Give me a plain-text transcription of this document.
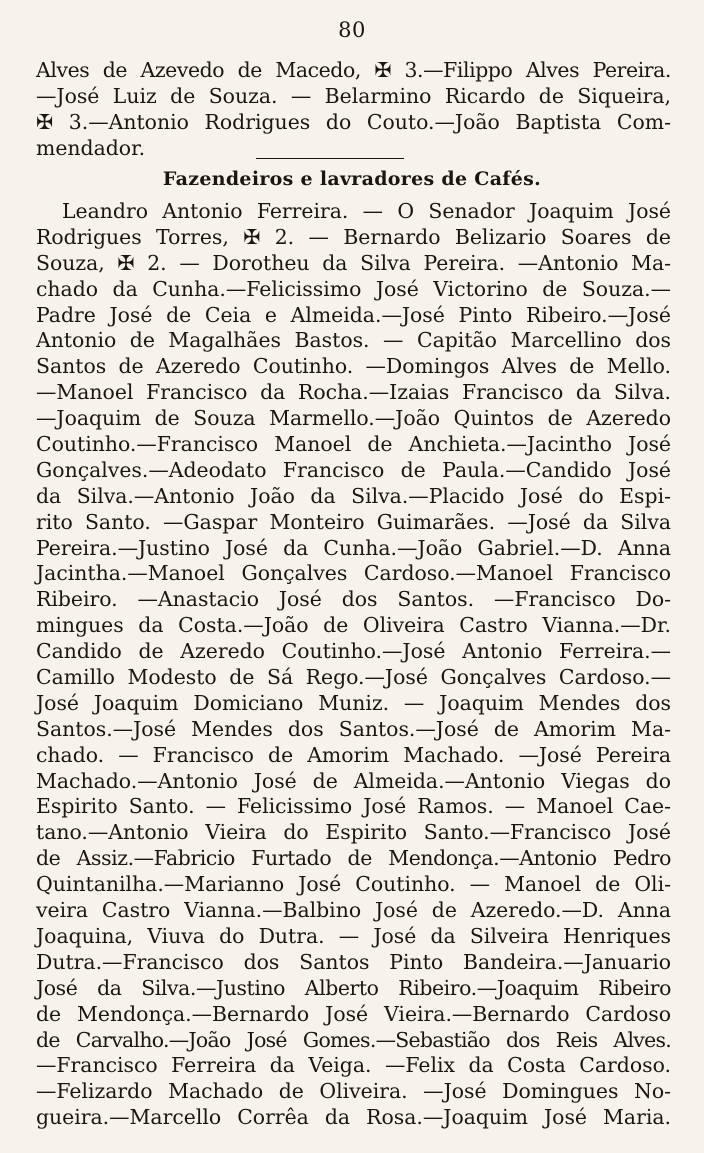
80
Alves de Azevedo de Macedo, ✠ 3.—Filippo Alves Pereira.
—José Luiz de Souza. — Belarmino Ricardo de Siqueira,
✠ 3.—Antonio Rodrigues do Couto.—João Baptista Com-
mendador.
Fazendeiros e lavradores de Cafés.
Leandro Antonio Ferreira. — O Senador Joaquim José
Rodrigues Torres, ✠ 2. — Bernardo Belizario Soares de
Souza, ✠ 2. — Dorotheu da Silva Pereira. —Antonio Ma-
chado da Cunha.—Felicissimo José Victorino de Souza.—
Padre José de Ceia e Almeida.—José Pinto Ribeiro.—José
Antonio de Magalhães Bastos. — Capitão Marcellino dos
Santos de Azeredo Coutinho. —Domingos Alves de Mello.
—Manoel Francisco da Rocha.—Izaias Francisco da Silva.
—Joaquim de Souza Marmello.—João Quintos de Azeredo
Coutinho.—Francisco Manoel de Anchieta.—Jacintho José
Gonçalves.—Adeodato Francisco de Paula.—Candido José
da Silva.—Antonio João da Silva.—Placido José do Espi-
rito Santo. —Gaspar Monteiro Guimarães. —José da Silva
Pereira.—Justino José da Cunha.—João Gabriel.—D. Anna
Jacintha.—Manoel Gonçalves Cardoso.—Manoel Francisco
Ribeiro. —Anastacio José dos Santos. —Francisco Do-
mingues da Costa.—João de Oliveira Castro Vianna.—Dr.
Candido de Azeredo Coutinho.—José Antonio Ferreira.—
Camillo Modesto de Sá Rego.—José Gonçalves Cardoso.—
José Joaquim Domiciano Muniz. — Joaquim Mendes dos
Santos.—José Mendes dos Santos.—José de Amorim Ma-
chado. — Francisco de Amorim Machado. —José Pereira
Machado.—Antonio José de Almeida.—Antonio Viegas do
Espirito Santo. — Felicissimo José Ramos. — Manoel Cae-
tano.—Antonio Vieira do Espirito Santo.—Francisco José
de Assiz.—Fabricio Furtado de Mendonça.—Antonio Pedro
Quintanilha.—Marianno José Coutinho. — Manoel de Oli-
veira Castro Vianna.—Balbino José de Azeredo.—D. Anna
Joaquina, Viuva do Dutra. — José da Silveira Henriques
Dutra.—Francisco dos Santos Pinto Bandeira.—Januario
José da Silva.—Justino Alberto Ribeiro.—Joaquim Ribeiro
de Mendonça.—Bernardo José Vieira.—Bernardo Cardoso
de Carvalho.—João José Gomes.—Sebastião dos Reis Alves.
—Francisco Ferreira da Veiga. —Felix da Costa Cardoso.
—Felizardo Machado de Oliveira. —José Domingues No-
gueira.—Marcello Corrêa da Rosa.—Joaquim José Maria.
